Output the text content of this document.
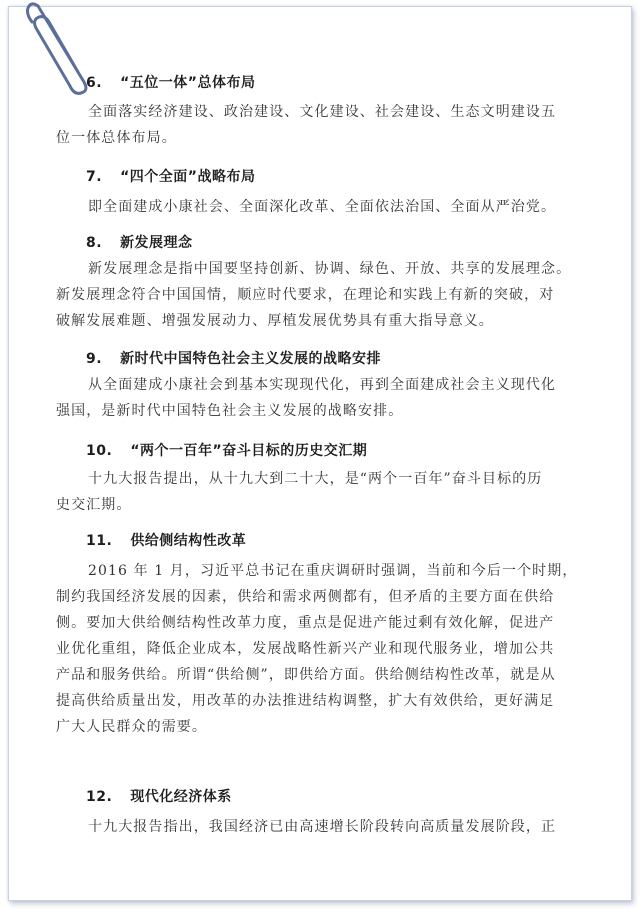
6. “五位一体”总体布局
全面落实经济建设、政治建设、文化建设、社会建设、生态文明建设五
位一体总体布局。
7. “四个全面”战略布局
即全面建成小康社会、全面深化改革、全面依法治国、全面从严治党。
8. 新发展理念
新发展理念是指中国要坚持创新、协调、绿色、开放、共享的发展理念。
新发展理念符合中国国情，顺应时代要求，在理论和实践上有新的突破，对
破解发展难题、增强发展动力、厚植发展优势具有重大指导意义。
9. 新时代中国特色社会主义发展的战略安排
从全面建成小康社会到基本实现现代化，再到全面建成社会主义现代化
强国，是新时代中国特色社会主义发展的战略安排。
10. “两个一百年”奋斗目标的历史交汇期
十九大报告提出，从十九大到二十大，是“两个一百年”奋斗目标的历
史交汇期。
11. 供给侧结构性改革
2016 年 1 月，习近平总书记在重庆调研时强调，当前和今后一个时期，
制约我国经济发展的因素，供给和需求两侧都有，但矛盾的主要方面在供给
侧。要加大供给侧结构性改革力度，重点是促进产能过剩有效化解，促进产
业优化重组，降低企业成本，发展战略性新兴产业和现代服务业，增加公共
产品和服务供给。所谓“供给侧”，即供给方面。供给侧结构性改革，就是从
提高供给质量出发，用改革的办法推进结构调整，扩大有效供给，更好满足
广大人民群众的需要。
12. 现代化经济体系
十九大报告指出，我国经济已由高速增长阶段转向高质量发展阶段，正
